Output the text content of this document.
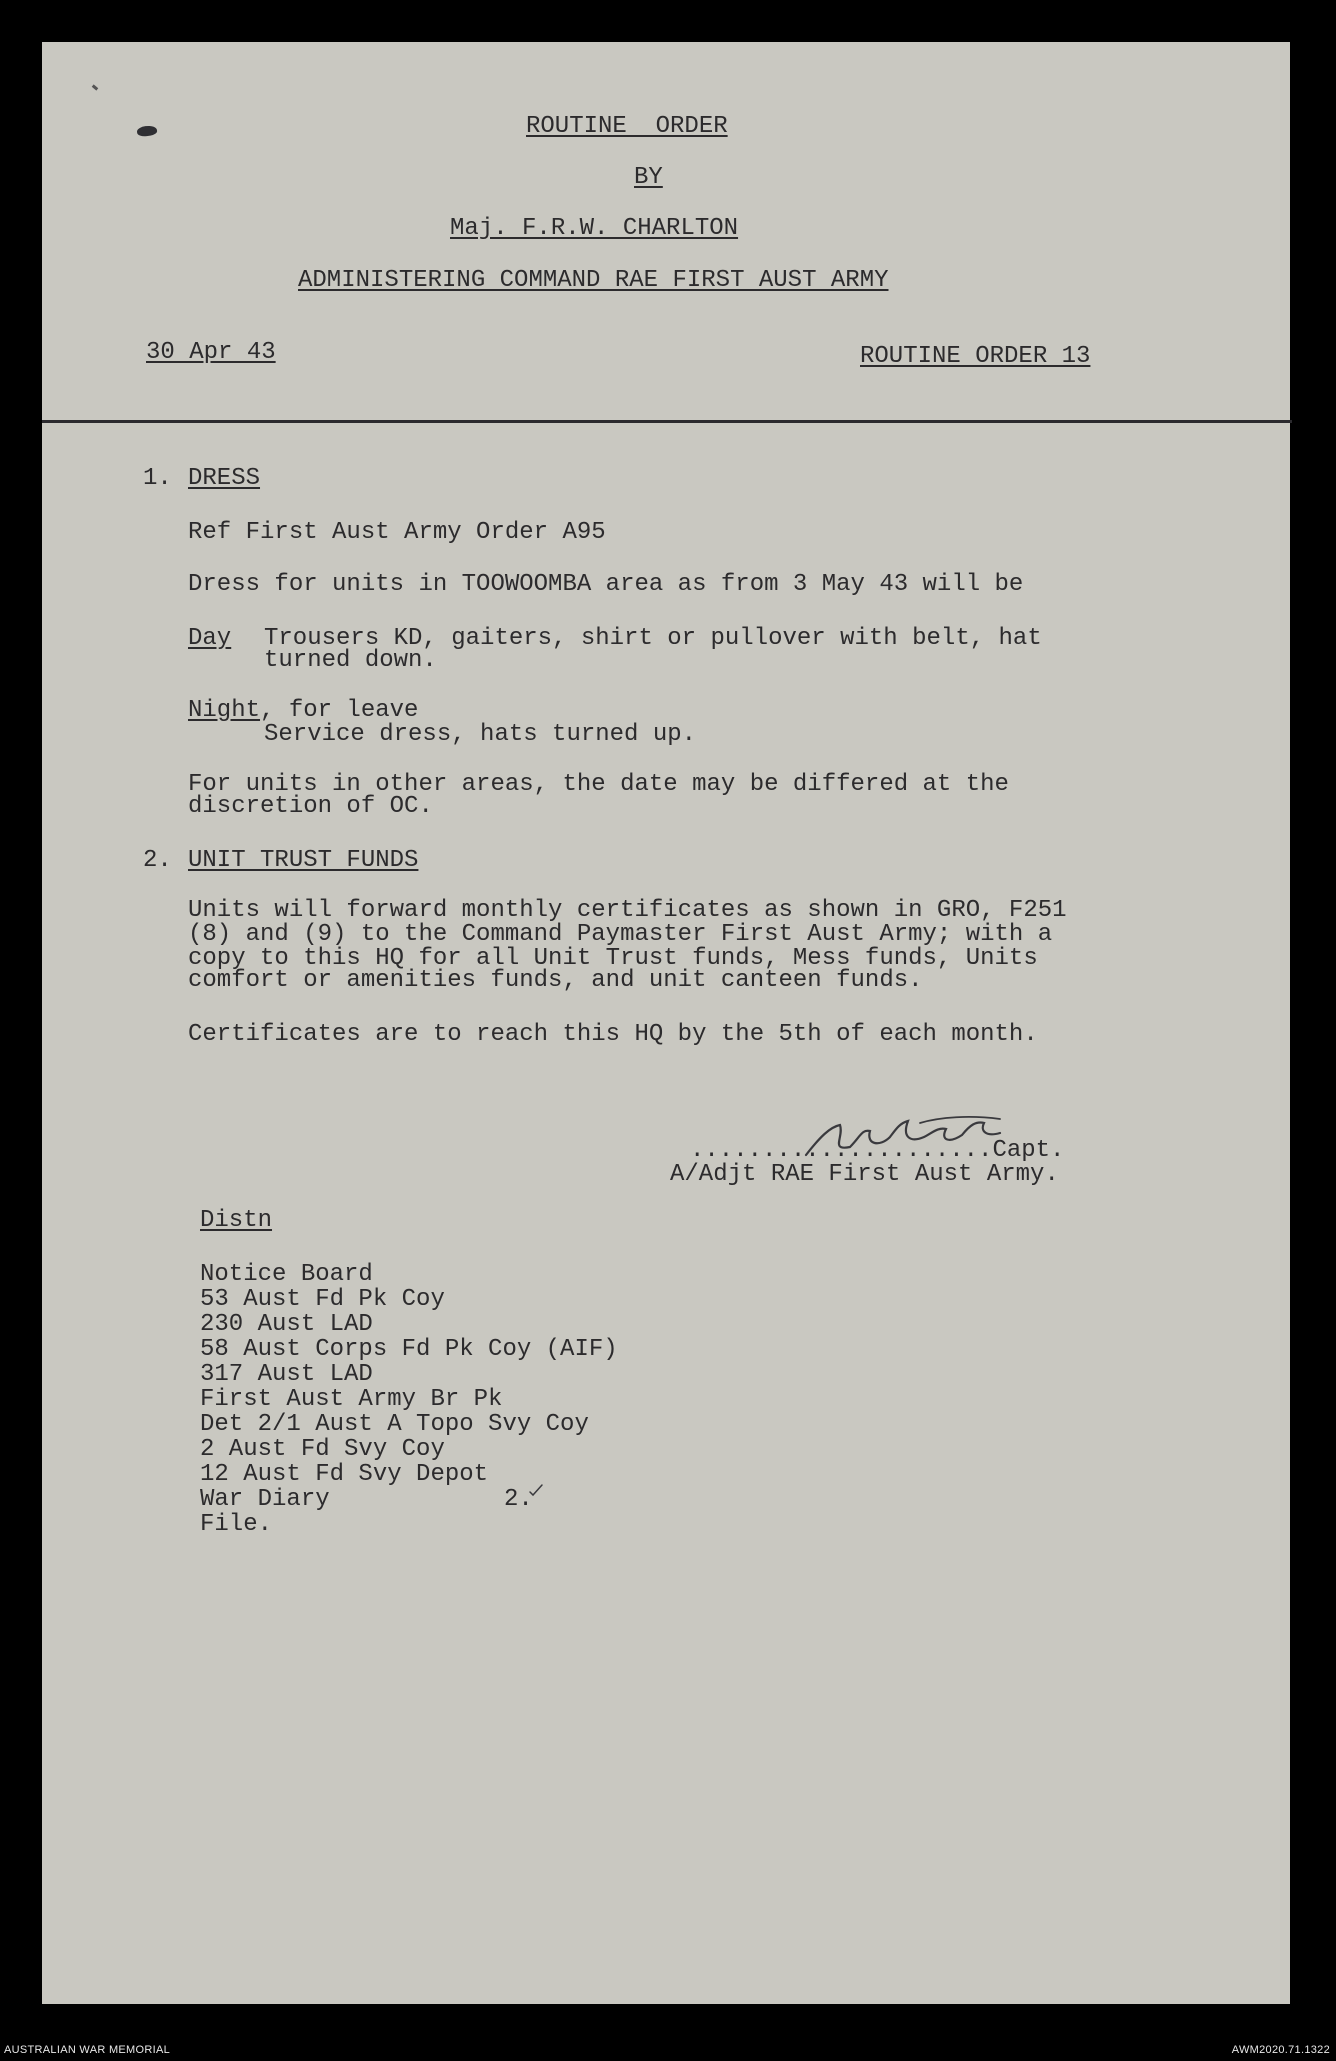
ROUTINE  ORDER
BY
Maj. F.R.W. CHARLTON
ADMINISTERING COMMAND RAE FIRST AUST ARMY
30 Apr 43	ROUTINE ORDER 13
1. DRESS
Ref First Aust Army Order A95
Dress for units in TOOWOOMBA area as from 3 May 43 will be
Day Trousers KD, gaiters, shirt or pullover with belt, hat
turned down.
Night, for leave
Service dress, hats turned up.
For units in other areas, the date may be differed at the
discretion of OC.
2. UNIT TRUST FUNDS
Units will forward monthly certificates as shown in GRO, F251
(8) and (9) to the Command Paymaster First Aust Army; with a
copy to this HQ for all Unit Trust funds, Mess funds, Units
comfort or amenities funds, and unit canteen funds.
Certificates are to reach this HQ by the 5th of each month.
.....................Capt.
A/Adjt RAE First Aust Army.
Distn
Notice Board
53 Aust Fd Pk Coy
230 Aust LAD
58 Aust Corps Fd Pk Coy (AIF)
317 Aust LAD
First Aust Army Br Pk
Det 2/1 Aust A Topo Svy Coy
2 Aust Fd Svy Coy
12 Aust Fd Svy Depot
War Diary
File.
2.
AUSTRALIAN WAR MEMORIAL	AWM2020.71.1322
